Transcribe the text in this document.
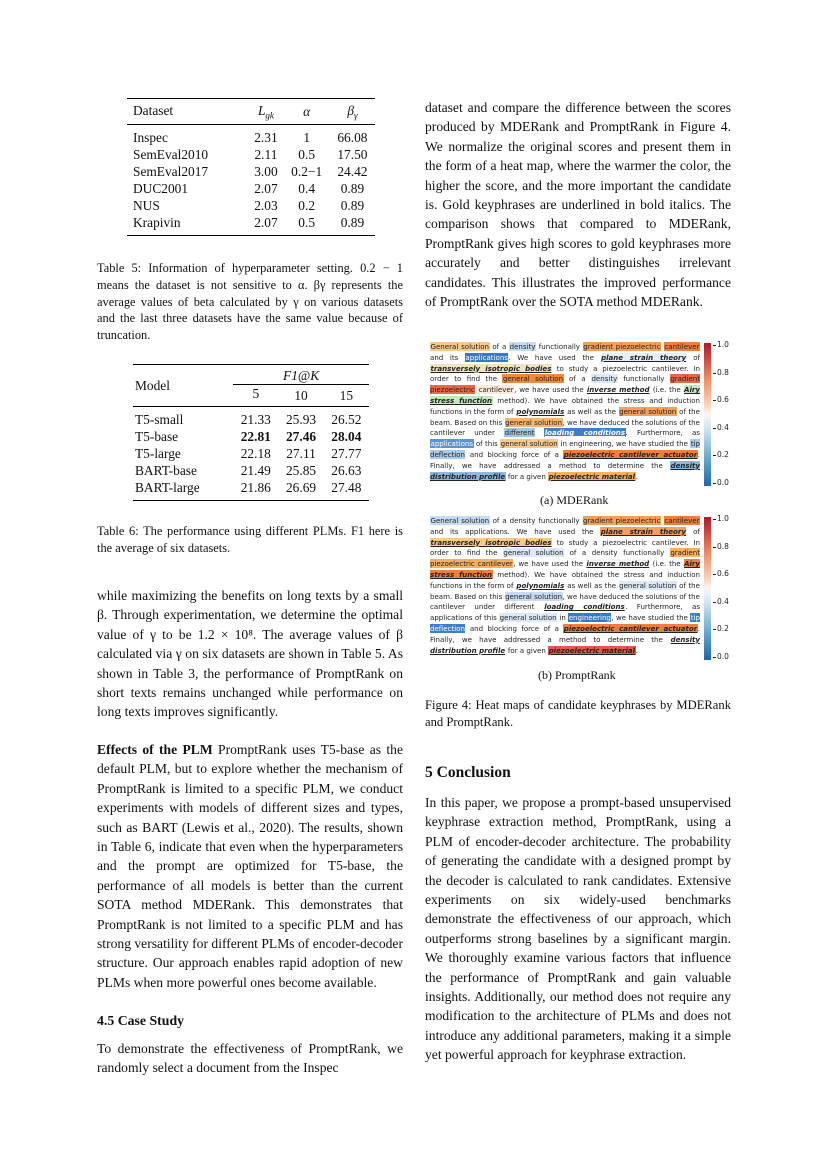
Dataset	$L_{gk}$	α	$\beta_\gamma$
Inspec	2.31	1	66.08
SemEval2010	2.11	0.5	17.50
SemEval2017	3.00	0.2−1	24.42
DUC2001	2.07	0.4	0.89
NUS	2.03	0.2	0.89
Krapivin	2.07	0.5	0.89
Table 5: Information of hyperparameter setting. 0.2 − 1 means the dataset is not sensitive to α. βγ represents the average values of beta calculated by γ on various datasets and the last three datasets have the same value because of truncation.
Model	F1@K		
	5	10	15
T5-small	21.33	25.93	26.52
T5-base	22.81	27.46	28.04
T5-large	22.18	27.11	27.77
BART-base	21.49	25.85	26.63
BART-large	21.86	26.69	27.48
Table 6: The performance using different PLMs. F1 here is the average of six datasets.

while maximizing the benefits on long texts by a small β. Through experimentation, we determine the optimal value of γ to be 1.2 × 10⁸. The average values of β calculated via γ on six datasets are shown in Table 5. As shown in Table 3, the performance of PromptRank on short texts remains unchanged while performance on long texts improves significantly.

Effects of the PLM PromptRank uses T5-base as the default PLM, but to explore whether the mechanism of PromptRank is limited to a specific PLM, we conduct experiments with models of different sizes and types, such as BART (Lewis et al., 2020). The results, shown in Table 6, indicate that even when the hyperparameters and the prompt are optimized for T5-base, the performance of all models is better than the current SOTA method MDERank. This demonstrates that PromptRank is not limited to a specific PLM and has strong versatility for different PLMs of encoder-decoder structure. Our approach enables rapid adoption of new PLMs when more powerful ones become available.

4.5 Case Study

To demonstrate the effectiveness of PromptRank, we randomly select a document from the Inspec

dataset and compare the difference between the scores produced by MDERank and PromptRank in Figure 4. We normalize the original scores and present them in the form of a heat map, where the warmer the color, the higher the score, and the more important the candidate is. Gold keyphrases are underlined in bold italics. The comparison shows that compared to MDERank, PromptRank gives high scores to gold keyphrases more accurately and better distinguishes irrelevant candidates. This illustrates the improved performance of PromptRank over the SOTA method MDERank.

General solution of a density functionally gradient piezoelectric cantilever and its applications. We have used the plane strain theory of transversely isotropic bodies to study a piezoelectric cantilever. In order to find the general solution of a density functionally gradient piezoelectric cantilever, we have used the inverse method (i.e. the Airy stress function method). We have obtained the stress and induction functions in the form of polynomials as well as the general solution of the beam. Based on this general solution, we have deduced the solutions of the cantilever under different loading conditions. Furthermore, as applications of this general solution in engineering, we have studied the tip deflection and blocking force of a piezoelectric cantilever actuator. Finally, we have addressed a method to determine the density distribution profile for a given piezoelectric material.
1.0
0.8
0.6
0.4
0.2
0.0
(a) MDERank
General solution of a density functionally gradient piezoelectric cantilever and its applications. We have used the plane strain theory of transversely isotropic bodies to study a piezoelectric cantilever. In order to find the general solution of a density functionally gradient piezoelectric cantilever, we have used the inverse method (i.e. the Airy stress function method). We have obtained the stress and induction functions in the form of polynomials as well as the general solution of the beam. Based on this general solution, we have deduced the solutions of the cantilever under different loading conditions. Furthermore, as applications of this general solution in engineering, we have studied the tip deflection and blocking force of a piezoelectric cantilever actuator. Finally, we have addressed a method to determine the density distribution profile for a given piezoelectric material.
1.0
0.8
0.6
0.4
0.2
0.0
(b) PromptRank
Figure 4: Heat maps of candidate keyphrases by MDERank and PromptRank.
5 Conclusion

In this paper, we propose a prompt-based unsupervised keyphrase extraction method, PromptRank, using a PLM of encoder-decoder architecture. The probability of generating the candidate with a designed prompt by the decoder is calculated to rank candidates. Extensive experiments on six widely-used benchmarks demonstrate the effectiveness of our approach, which outperforms strong baselines by a significant margin. We thoroughly examine various factors that influence the performance of PromptRank and gain valuable insights. Additionally, our method does not require any modification to the architecture of PLMs and does not introduce any additional parameters, making it a simple yet powerful approach for keyphrase extraction.
